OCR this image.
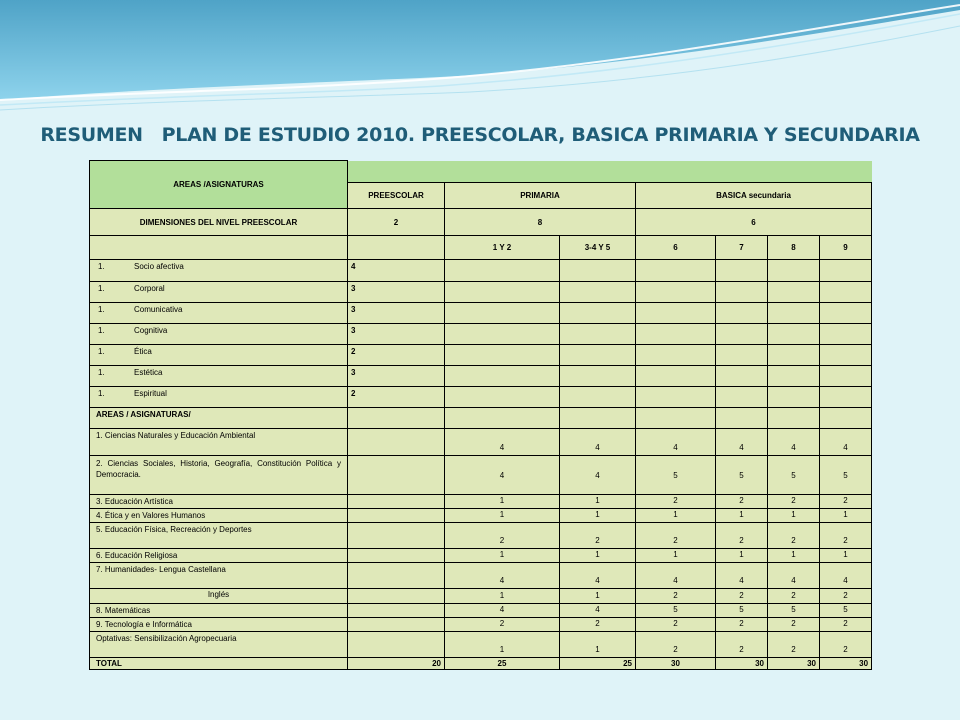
RESUMEN   PLAN DE ESTUDIO 2010. PREESCOLAR, BASICA PRIMARIA Y SECUNDARIA
AREAS /ASIGNATURAS							
	PREESCOLAR	PRIMARIA		BASICA secundaria			
DIMENSIONES DEL NIVEL PREESCOLAR	2	8		6			
		1 Y 2	3-4 Y 5	6	7	8	9
1. Socio afectiva	4						
1. Corporal	3						
1. Comunicativa	3						
1. Cognitiva	3						
1. Ética	2						
1. Estética	3						
1. Espiritual	2						
AREAS / ASIGNATURAS/							
1. Ciencias Naturales y Educación Ambiental		4	4	4	4	4	4
2. Ciencias Sociales, Historia, Geografía, Constitución Política y Democracia.		4	4	5	5	5	5
3. Educación Artística		1	1	2	2	2	2
4. Ética y en Valores Humanos		1	1	1	1	1	1
5. Educación Física, Recreación y Deportes		2	2	2	2	2	2
6. Educación Religiosa		1	1	1	1	1	1
7. Humanidades- Lengua Castellana		4	4	4	4	4	4
Inglés		1	1	2	2	2	2
8. Matemáticas		4	4	5	5	5	5
9. Tecnología e Informática		2	2	2	2	2	2
Optativas: Sensibilización Agropecuaria		1	1	2	2	2	2
TOTAL	20	25	25	30	30	30	30
